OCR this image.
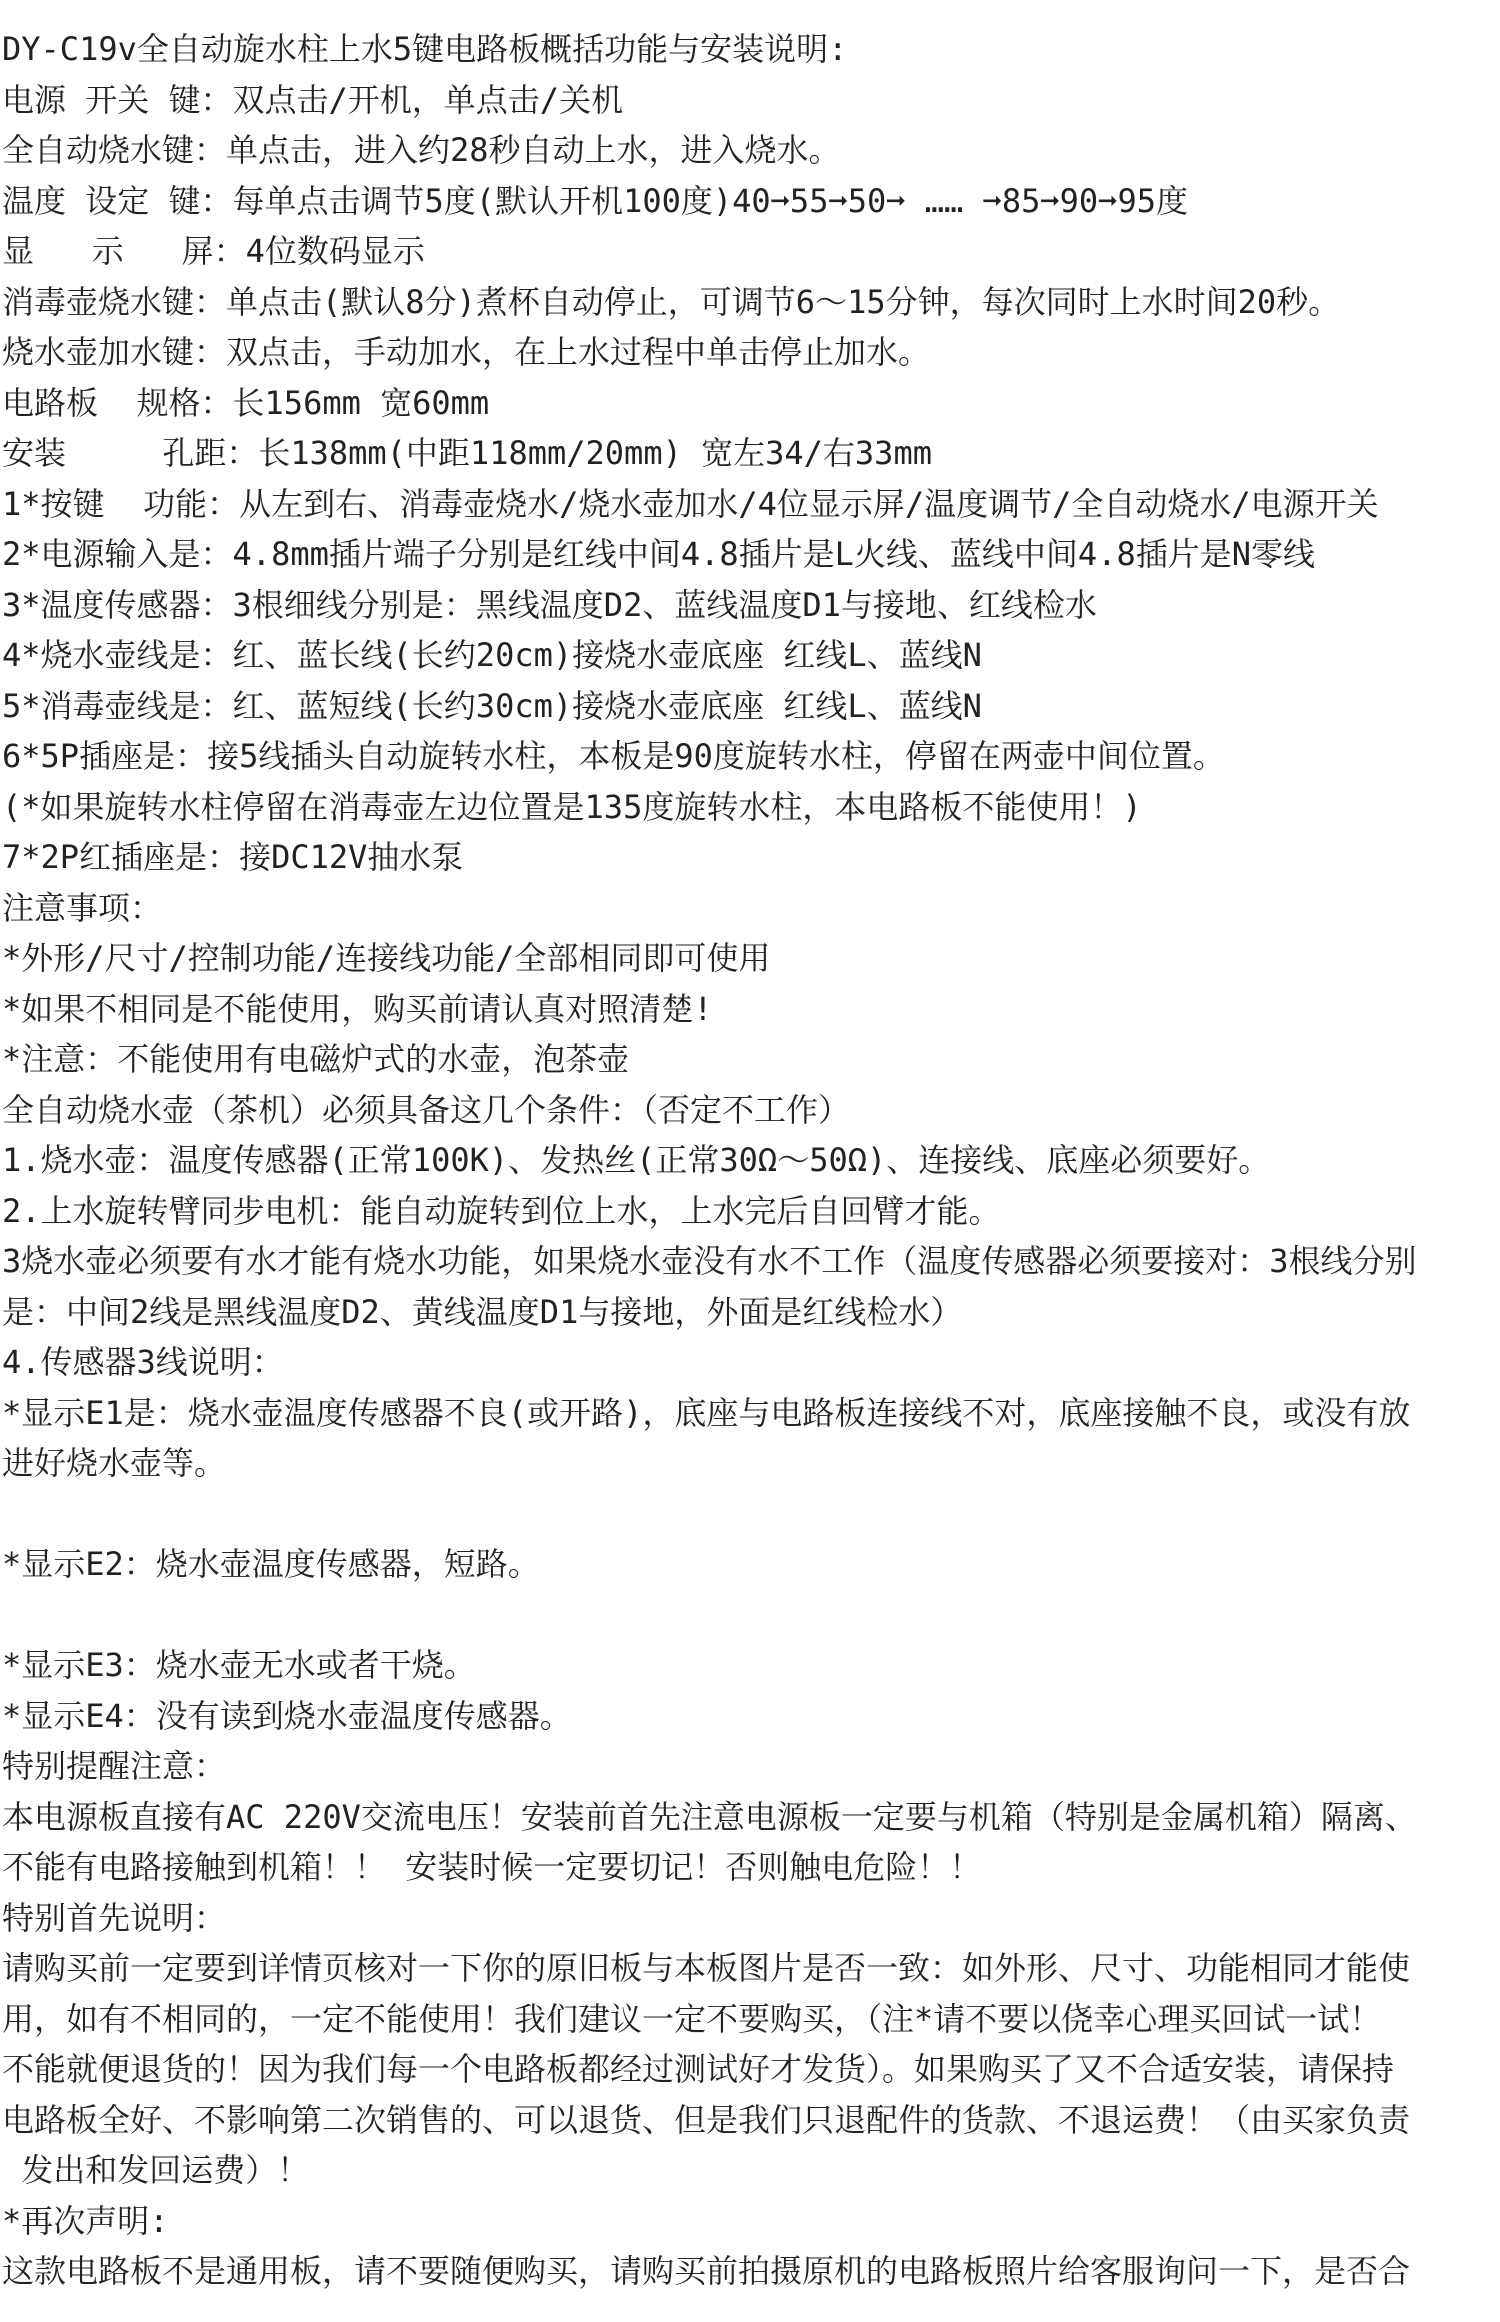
DY-C19v全自动旋水柱上水5键电路板概括功能与安装说明:
电源 开关 键：双点击/开机，单点击/关机
全自动烧水键：单点击，进入约28秒自动上水，进入烧水。
温度 设定 键：每单点击调节5度(默认开机100度)40➞55➞50➞ …… ➞85➞90➞95度
显   示   屏：4位数码显示
消毒壶烧水键：单点击(默认8分)煮杯自动停止，可调节6～15分钟，每次同时上水时间20秒。
烧水壶加水键：双点击，手动加水，在上水过程中单击停止加水。
电路板  规格：长156mm 宽60mm
安装     孔距：长138mm(中距118mm/20mm) 宽左34/右33mm
1*按键  功能：从左到右、消毒壶烧水/烧水壶加水/4位显示屏/温度调节/全自动烧水/电源开关
2*电源输入是：4.8mm插片端子分别是红线中间4.8插片是L火线、蓝线中间4.8插片是N零线
3*温度传感器：3根细线分别是：黑线温度D2、蓝线温度D1与接地、红线检水
4*烧水壶线是：红、蓝长线(长约20cm)接烧水壶底座 红线L、蓝线N
5*消毒壶线是：红、蓝短线(长约30cm)接烧水壶底座 红线L、蓝线N
6*5P插座是：接5线插头自动旋转水柱，本板是90度旋转水柱，停留在两壶中间位置。
(*如果旋转水柱停留在消毒壶左边位置是135度旋转水柱，本电路板不能使用！)
7*2P红插座是：接DC12V抽水泵
注意事项：
*外形/尺寸/控制功能/连接线功能/全部相同即可使用
*如果不相同是不能使用，购买前请认真对照清楚!
*注意：不能使用有电磁炉式的水壶，泡茶壶
全自动烧水壶（茶机）必须具备这几个条件：（否定不工作）
1.烧水壶：温度传感器(正常100K)、发热丝(正常30Ω～50Ω)、连接线、底座必须要好。
2.上水旋转臂同步电机：能自动旋转到位上水，上水完后自回臂才能。
3烧水壶必须要有水才能有烧水功能，如果烧水壶没有水不工作（温度传感器必须要接对：3根线分别
是：中间2线是黑线温度D2、黄线温度D1与接地，外面是红线检水）
4.传感器3线说明：
*显示E1是：烧水壶温度传感器不良(或开路)，底座与电路板连接线不对，底座接触不良，或没有放
进好烧水壶等。
*显示E2：烧水壶温度传感器，短路。
*显示E3：烧水壶无水或者干烧。
*显示E4：没有读到烧水壶温度传感器。
特别提醒注意：
本电源板直接有AC 220V交流电压！安装前首先注意电源板一定要与机箱（特别是金属机箱）隔离、
不能有电路接触到机箱！！ 安装时候一定要切记！否则触电危险！！
特别首先说明：
请购买前一定要到详情页核对一下你的原旧板与本板图片是否一致：如外形、尺寸、功能相同才能使
用，如有不相同的，一定不能使用！我们建议一定不要购买，（注*请不要以侥幸心理买回试一试！
不能就便退货的！因为我们每一个电路板都经过测试好才发货）。如果购买了又不合适安装，请保持
电路板全好、不影响第二次销售的、可以退货、但是我们只退配件的货款、不退运费！（由买家负责
发出和发回运费）！
*再次声明:
这款电路板不是通用板，请不要随便购买，请购买前拍摄原机的电路板照片给客服询问一下，是否合
